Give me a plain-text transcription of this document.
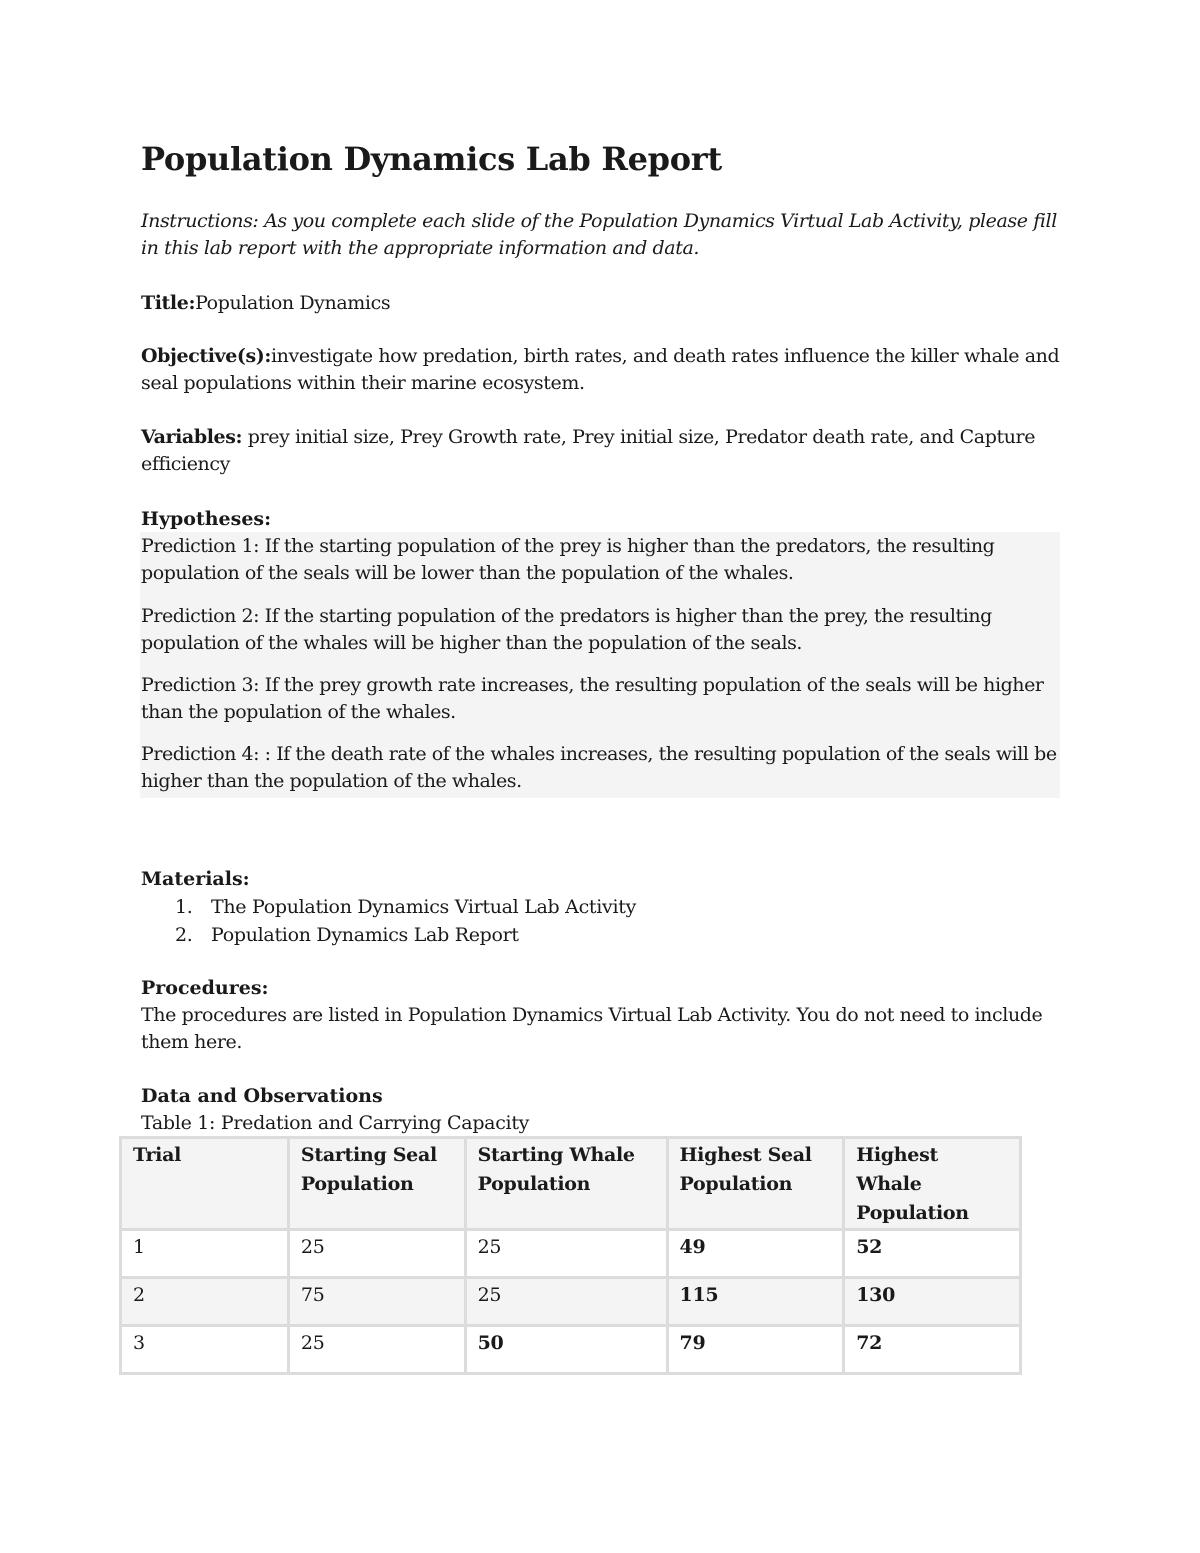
Population Dynamics Lab Report

Instructions: As you complete each slide of the Population Dynamics Virtual Lab Activity, please fill in this lab report with the appropriate information and data.

Title:Population Dynamics

Objective(s):investigate how predation, birth rates, and death rates influence the killer whale and seal populations within their marine ecosystem.

Variables: prey initial size, Prey Growth rate, Prey initial size, Predator death rate, and Capture efficiency

Hypotheses:

Prediction 1: If the starting population of the prey is higher than the predators, the resulting population of the seals will be lower than the population of the whales.

Prediction 2: If the starting population of the predators is higher than the prey, the resulting population of the whales will be higher than the population of the seals.

Prediction 3: If the prey growth rate increases, the resulting population of the seals will be higher than the population of the whales.

Prediction 4: : If the death rate of the whales increases, the resulting population of the seals will be higher than the population of the whales.

Materials:

1. The Population Dynamics Virtual Lab Activity
2. Population Dynamics Lab Report

Procedures:

The procedures are listed in Population Dynamics Virtual Lab Activity. You do not need to include them here.

Data and Observations

Table 1: Predation and Carrying Capacity

Trial	Starting Seal Population	Starting Whale Population	Highest Seal Population	Highest Whale Population
1	25	25	49	52
2	75	25	115	130
3	25	50	79	72
